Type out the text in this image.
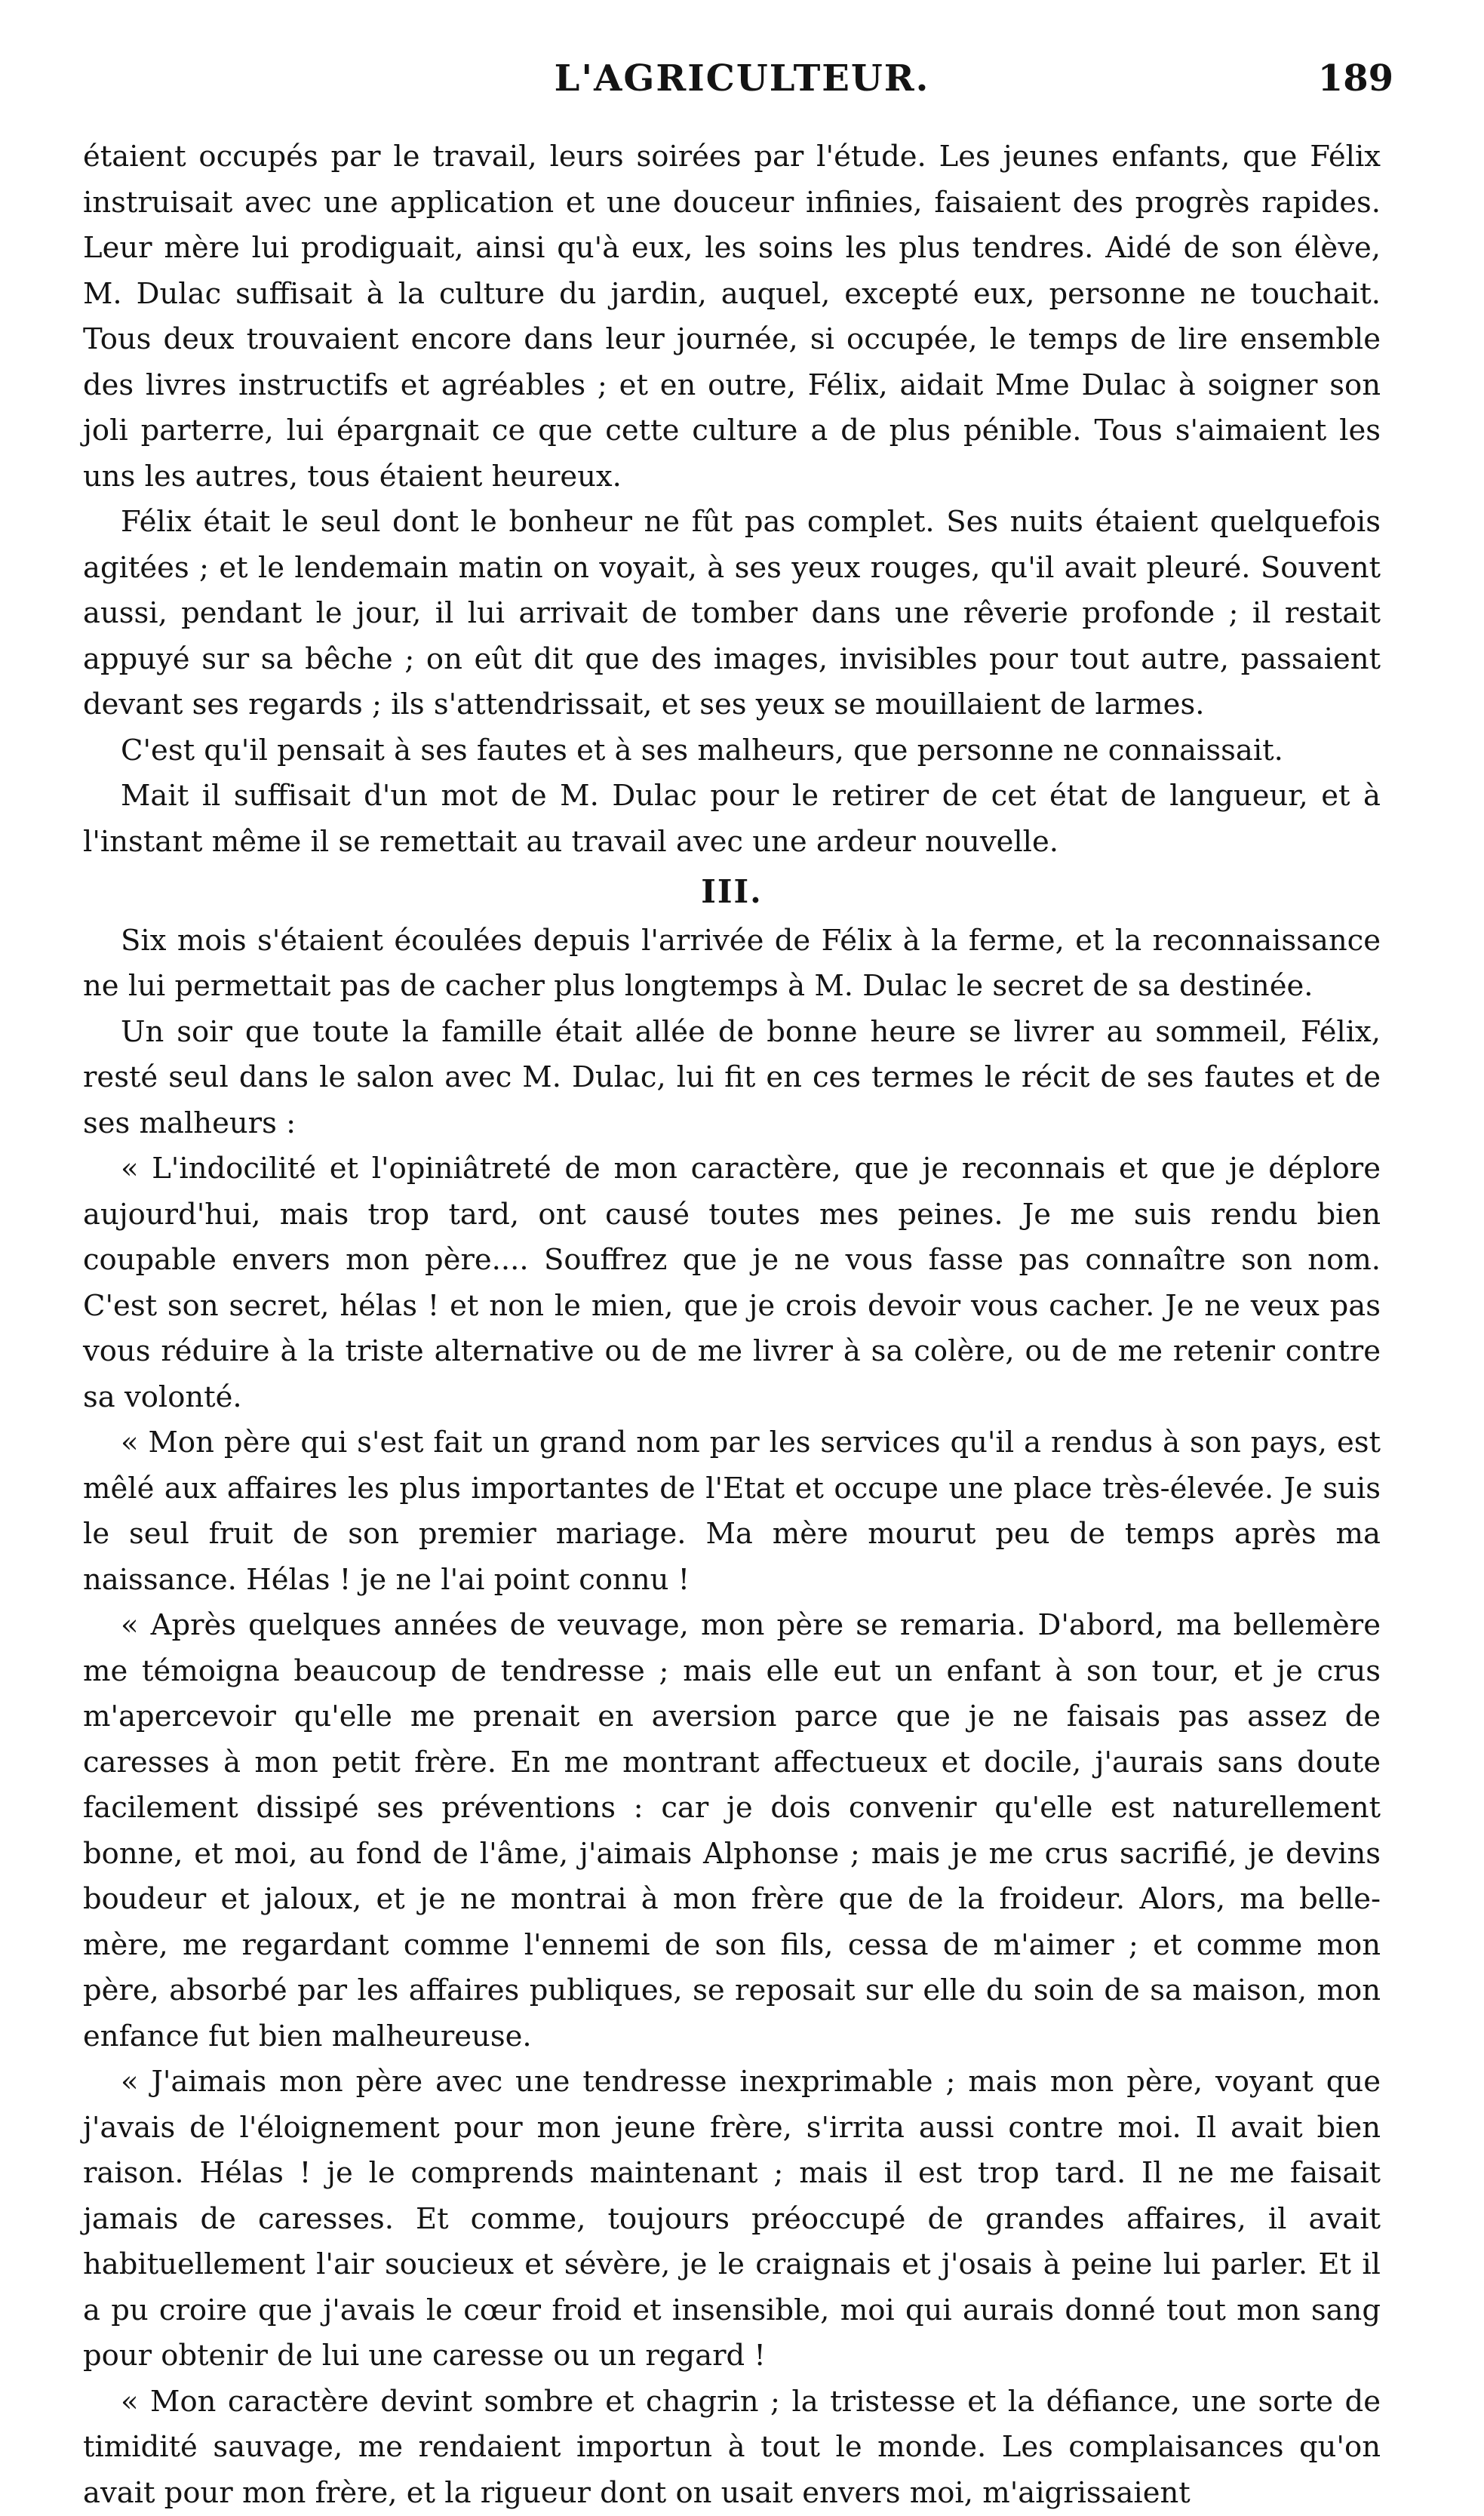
L'AGRICULTEUR.	189

étaient occupés par le travail, leurs soirées par l'étude. Les jeunes enfants, que Félix instruisait avec une application et une douceur infinies, faisaient des progrès rapides. Leur mère lui prodiguait, ainsi qu'à eux, les soins les plus tendres. Aidé de son élève, M. Dulac suffisait à la culture du jardin, auquel, excepté eux, personne ne touchait. Tous deux trouvaient encore dans leur journée, si occupée, le temps de lire ensemble des livres instructifs et agréables ; et en outre, Félix, aidait Mme Dulac à soigner son joli parterre, lui épargnait ce que cette culture a de plus pénible. Tous s'aimaient les uns les autres, tous étaient heureux.

Félix était le seul dont le bonheur ne fût pas complet. Ses nuits étaient quelquefois agitées ; et le lendemain matin on voyait, à ses yeux rouges, qu'il avait pleuré. Souvent aussi, pendant le jour, il lui arrivait de tomber dans une rêverie profonde ; il restait appuyé sur sa bêche ; on eût dit que des images, invisibles pour tout autre, passaient devant ses regards ; ils s'attendrissait, et ses yeux se mouillaient de larmes.

C'est qu'il pensait à ses fautes et à ses malheurs, que personne ne connaissait.

Mait il suffisait d'un mot de M. Dulac pour le retirer de cet état de langueur, et à l'instant même il se remettait au travail avec une ardeur nouvelle.

III.

Six mois s'étaient écoulées depuis l'arrivée de Félix à la ferme, et la reconnaissance ne lui permettait pas de cacher plus longtemps à M. Dulac le secret de sa destinée.

Un soir que toute la famille était allée de bonne heure se livrer au sommeil, Félix, resté seul dans le salon avec M. Dulac, lui fit en ces termes le récit de ses fautes et de ses malheurs :

« L'indocilité et l'opiniâtreté de mon caractère, que je reconnais et que je déplore aujourd'hui, mais trop tard, ont causé toutes mes peines. Je me suis rendu bien coupable envers mon père.... Souffrez que je ne vous fasse pas connaître son nom. C'est son secret, hélas ! et non le mien, que je crois devoir vous cacher. Je ne veux pas vous réduire à la triste alternative ou de me livrer à sa colère, ou de me retenir contre sa volonté.

« Mon père qui s'est fait un grand nom par les services qu'il a rendus à son pays, est mêlé aux affaires les plus importantes de l'Etat et occupe une place très-élevée. Je suis le seul fruit de son premier mariage. Ma mère mourut peu de temps après ma naissance. Hélas ! je ne l'ai point connu !

« Après quelques années de veuvage, mon père se remaria. D'abord, ma bellemère me témoigna beaucoup de tendresse ; mais elle eut un enfant à son tour, et je crus m'apercevoir qu'elle me prenait en aversion parce que je ne faisais pas assez de caresses à mon petit frère. En me montrant affectueux et docile, j'aurais sans doute facilement dissipé ses préventions : car je dois convenir qu'elle est naturellement bonne, et moi, au fond de l'âme, j'aimais Alphonse ; mais je me crus sacrifié, je devins boudeur et jaloux, et je ne montrai à mon frère que de la froideur. Alors, ma belle-mère, me regardant comme l'ennemi de son fils, cessa de m'aimer ; et comme mon père, absorbé par les affaires publiques, se reposait sur elle du soin de sa maison, mon enfance fut bien malheureuse.

« J'aimais mon père avec une tendresse inexprimable ; mais mon père, voyant que j'avais de l'éloignement pour mon jeune frère, s'irrita aussi contre moi. Il avait bien raison. Hélas ! je le comprends maintenant ; mais il est trop tard. Il ne me faisait jamais de caresses. Et comme, toujours préoccupé de grandes affaires, il avait habituellement l'air soucieux et sévère, je le craignais et j'osais à peine lui parler. Et il a pu croire que j'avais le cœur froid et insensible, moi qui aurais donné tout mon sang pour obtenir de lui une caresse ou un regard !

« Mon caractère devint sombre et chagrin ; la tristesse et la défiance, une sorte de timidité sauvage, me rendaient importun à tout le monde. Les complaisances qu'on avait pour mon frère, et la rigueur dont on usait envers moi, m'aigrissaient
